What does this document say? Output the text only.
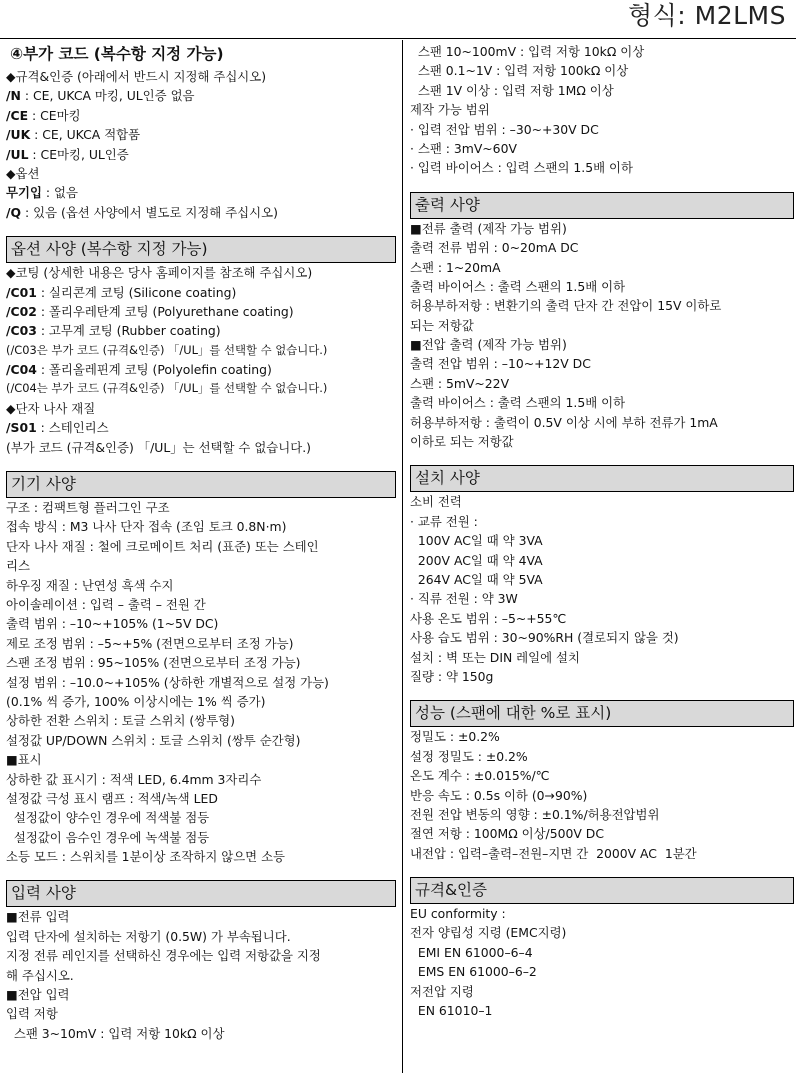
형식: M2LMS
④부가 코드 (복수항 지정 가능)
◆규격&인증 (아래에서 반드시 지정해 주십시오)
/N : CE, UKCA 마킹, UL인증 없음
/CE : CE마킹
/UK : CE, UKCA 적합품
/UL : CE마킹, UL인증
◆옵션
무기입 : 없음
/Q : 있음 (옵션 사양에서 별도로 지정해 주십시오)
옵션 사양 (복수항 지정 가능)
◆코팅 (상세한 내용은 당사 홈페이지를 참조해 주십시오)
/C01 : 실리콘계 코팅 (Silicone coating)
/C02 : 폴리우레탄계 코팅 (Polyurethane coating)
/C03 : 고무계 코팅 (Rubber coating)
(/C03은 부가 코드 (규격&인증) 「/UL」를 선택할 수 없습니다.)
/C04 : 폴리올레핀계 코팅 (Polyolefin coating)
(/C04는 부가 코드 (규격&인증) 「/UL」를 선택할 수 없습니다.)
◆단자 나사 재질
/S01 : 스테인리스
(부가 코드 (규격&인증) 「/UL」는 선택할 수 없습니다.)
기기 사양
구조 : 컴팩트형 플러그인 구조
접속 방식 : M3 나사 단자 접속 (조임 토크 0.8N·m)
단자 나사 재질 : 철에 크로메이트 처리 (표준) 또는 스테인
리스
하우징 재질 : 난연성 흑색 수지
아이솔레이션 : 입력 – 출력 – 전원 간
출력 범위 : –10~+105% (1~5V DC)
제로 조정 범위 : –5~+5% (전면으로부터 조정 가능)
스팬 조정 범위 : 95~105% (전면으로부터 조정 가능)
설정 범위 : –10.0~+105% (상하한 개별적으로 설정 가능)
(0.1% 씩 증가, 100% 이상시에는 1% 씩 증가)
상하한 전환 스위치 : 토글 스위치 (쌍투형)
설정값 UP/DOWN 스위치 : 토글 스위치 (쌍투 순간형)
■표시
상하한 값 표시기 : 적색 LED, 6.4mm 3자리수
설정값 극성 표시 램프 : 적색/녹색 LED
설정값이 양수인 경우에 적색불 점등
설정값이 음수인 경우에 녹색불 점등
소등 모드 : 스위치를 1분이상 조작하지 않으면 소등
입력 사양
■전류 입력
입력 단자에 설치하는 저항기 (0.5W) 가 부속됩니다.
지정 전류 레인지를 선택하신 경우에는 입력 저항값을 지정
해 주십시오.
■전압 입력
입력 저항
스팬 3~10mV : 입력 저항 10kΩ 이상
스팬 10~100mV : 입력 저항 10kΩ 이상
스팬 0.1~1V : 입력 저항 100kΩ 이상
스팬 1V 이상 : 입력 저항 1MΩ 이상
제작 가능 범위
· 입력 전압 범위 : –30~+30V DC
· 스팬 : 3mV~60V
· 입력 바이어스 : 입력 스팬의 1.5배 이하
출력 사양
■전류 출력 (제작 가능 범위)
출력 전류 범위 : 0~20mA DC
스팬 : 1~20mA
출력 바이어스 : 출력 스팬의 1.5배 이하
허용부하저항 : 변환기의 출력 단자 간 전압이 15V 이하로
되는 저항값
■전압 출력 (제작 가능 범위)
출력 전압 범위 : –10~+12V DC
스팬 : 5mV~22V
출력 바이어스 : 출력 스팬의 1.5배 이하
허용부하저항 : 출력이 0.5V 이상 시에 부하 전류가 1mA
이하로 되는 저항값
설치 사양
소비 전력
· 교류 전원 :
100V AC일 때 약 3VA
200V AC일 때 약 4VA
264V AC일 때 약 5VA
· 직류 전원 : 약 3W
사용 온도 범위 : –5~+55℃
사용 습도 범위 : 30~90%RH (결로되지 않을 것)
설치 : 벽 또는 DIN 레일에 설치
질량 : 약 150g
성능 (스팬에 대한 %로 표시)
정밀도 : ±0.2%
설정 정밀도 : ±0.2%
온도 계수 : ±0.015%/℃
반응 속도 : 0.5s 이하 (0→90%)
전원 전압 변동의 영향 : ±0.1%/허용전압범위
절연 저항 : 100MΩ 이상/500V DC
내전압 : 입력–출력–전원–지면 간  2000V AC  1분간
규격&인증
EU conformity :
전자 양립성 지령 (EMC지령)
EMI EN 61000–6–4
EMS EN 61000–6–2
저전압 지령
EN 61010–1
